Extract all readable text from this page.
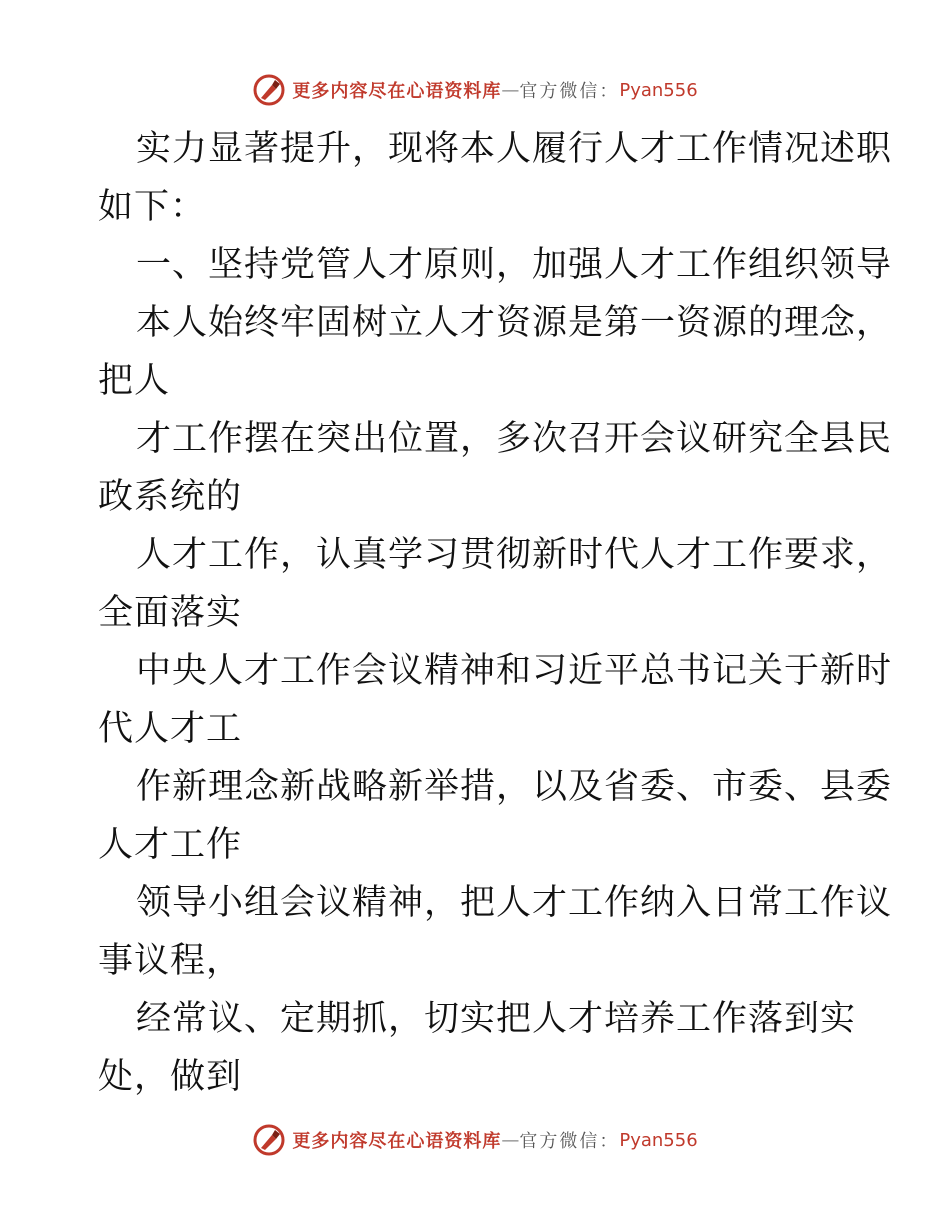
更多内容尽在心语资料库 — 官方微信： Pyan556
实力显著提升，现将本人履行人才工作情况述职
如下：
一、坚持党管人才原则，加强人才工作组织领导
本人始终牢固树立人才资源是第一资源的理念，
把人
才工作摆在突出位置，多次召开会议研究全县民
政系统的
人才工作，认真学习贯彻新时代人才工作要求，
全面落实
中央人才工作会议精神和习近平总书记关于新时
代人才工
作新理念新战略新举措，以及省委、市委、县委
人才工作
领导小组会议精神，把人才工作纳入日常工作议
事议程，
经常议、定期抓，切实把人才培养工作落到实
处，做到
更多内容尽在心语资料库 — 官方微信： Pyan556
